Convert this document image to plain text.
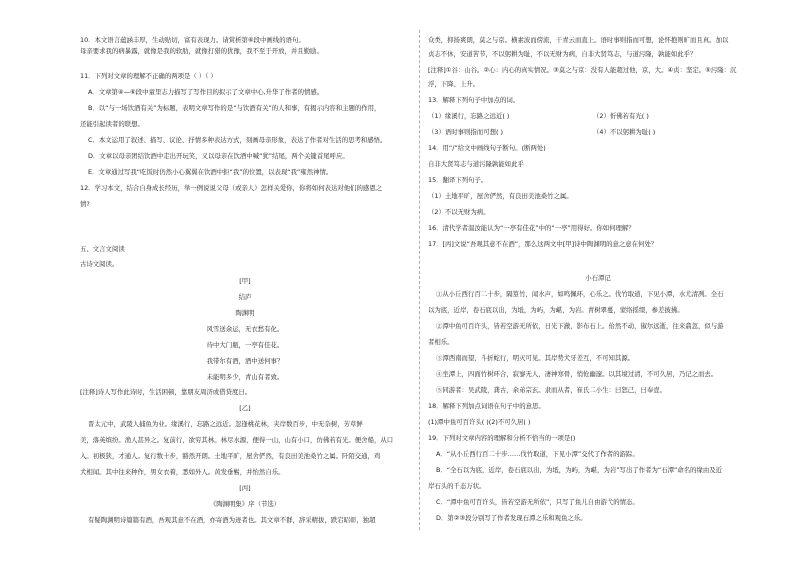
10．本文语言蕴涵丰厚，生动贴切，富有表现力。请赏析第⑥段中画线的语句。
母亲要求我的病暴露，就像是我的软肋，就像打猎的犹豫，我不至于开放，并且勤励。
11．下列对文章的理解不正确的两项是（ ）（ ）
A．文章第④—⑥段中童里志力描写了写作目的拟示了文章中心,升华了作者的情感。
B．以“与一场饮酒有关”为标题，表明文章写作的是“与饮酒有关”的人和事，有揭示内容和主题的作用，
还能引起读者的联想。
C．本文运用了叙述、描写、议论、抒情多种表达方式，刻画母亲形象，表达了作者对生活的思考和感悟。
D．文章以母亲团结饮酒中走出开玩笑，又以母亲在饮酒中喊“犹”结尾，两个关键首尾呼应。
E．文章通过写我“吃饭时仍然小心翼翼在饮酒中拒“我”的位置，以表现“我”雍然神情。
12．学习本文，结合自身成长经历，举一例说说父母（或亲人）怎样关爱你，你将如何表达对他们的感恩之
情?
五、文言文阅读
古诗文阅读。
[甲]
结庐
陶渊明
风雪送余运，无衣愁有化。
待中大门瓶，一亭有佳花。
我带尔有酒，酒中送何事？
未能明多少，青山有者致。
[注释]诗人写作此诗时，生活困顿，靠朋友周济或借贷度日。
[乙]
晋太元中，武陵人捕鱼为业。缘溪行，忘路之远近。忽逢桃花林，夹岸数百步，中无杂树，芳草鲜
美，落英缤纷。渔人甚异之。复前行，欲穷其林。林尽水源，便得一山，山有小口，仿佛若有光。便舍船，从口
入。初极狭，才通人。复行数十步，豁然开朗。土地平旷，屋舍俨然，有良田美池桑竹之属。阡陌交通，鸡
犬相闻。其中往来种作，男女衣着，悉如外人。黄发垂髫，并怡然自乐。
[丙]
《陶渊明集》序（节选）
有疑陶渊明诗篇篇有酒，吾观其意不在酒，亦寄酒为迹者也。其文章不群，辞采精拔，跌宕昭彰，独超
众类，抑扬爽朗，莫之与京。横素波而傍流，干青云而直上。语时事则指而可想，论怀抱则旷而且真。加以
贞志不休，安道苦节，不以躬耕为耻，不以无财为病，自非大贤笃志，与道污隆，孰能如此乎？
[注释]①谷：山谷。②心：内心的真实情况。③莫之与京：没有人能超过他，京，大。④贞：坚定。⑤污隆：沉
浮，下降、上升。
13．解释下列句子中加点的词。
（1）缘溪行，忘路之远近( )	（2）忻佛若有光( )
（3）语时事则指而可想( )	（4）不以躬耕为耻( )
14．用“/”给文中画线句子断句。(断两处)
自非大贤笃志与道污隆孰能如此乎
15．翻译下列句子。
（1）土地平旷，屋舍俨然，有良田美池桑竹之属。
（2）不以无财为病。
16．清代学者温汝能认为“一亭有佳花”中的“一亭”用得好。你如何理解？
17．[丙]文说“吾观其意不在酒”，那么这两文中[甲]诗中陶渊明的意之意在何处？
小石潭记
①从小丘西行百二十步，隔篁竹，闻水声，如鸣佩环，心乐之。伐竹取道，下见小潭，水尤清冽。全石
以为底，近岸，卷石底以出，为坻，为屿，为嵁，为岩。青树翠蔓，蒙络摇缀，参差披拂。
②潭中鱼可百许头，皆若空游无所依，日光下澈，影布石上。佁然不动，俶尔远逝，往来翕忽，似与游
者相乐。
③潭西南而望，斗折蛇行，明灭可见。其岸势犬牙差互，不可知其源。
④坐潭上，四面竹树环合，寂寥无人，凄神寒骨，悄怆幽邃。以其境过清，不可久居，乃记之而去。
⑤同游者：吴武陵，龚古，余弟宗玄。隶而从者，崔氏二小生：曰恕己，曰奉壹。
18．解释下列加点词语在句子中的意思。
(1)潭中鱼可百许头( )(2)不可久居( )
19．下列对文章内容的理解和分析不恰当的一项是()
A．“从小丘西行百二十步……伐竹取道，下见小潭”交代了作者的游踪。
B．“全石以为底，近岸，卷石底以出，为坻，为屿，为嵁，为岩”写出了作者为“石潭”命名的缘由及近
岸石头的千态万状。
C．“潭中鱼可百许头，皆若空游无所依”，只写了鱼儿自由游弋的情态。
D．第②③段分别写了作者发现石潭之乐和观鱼之乐。
